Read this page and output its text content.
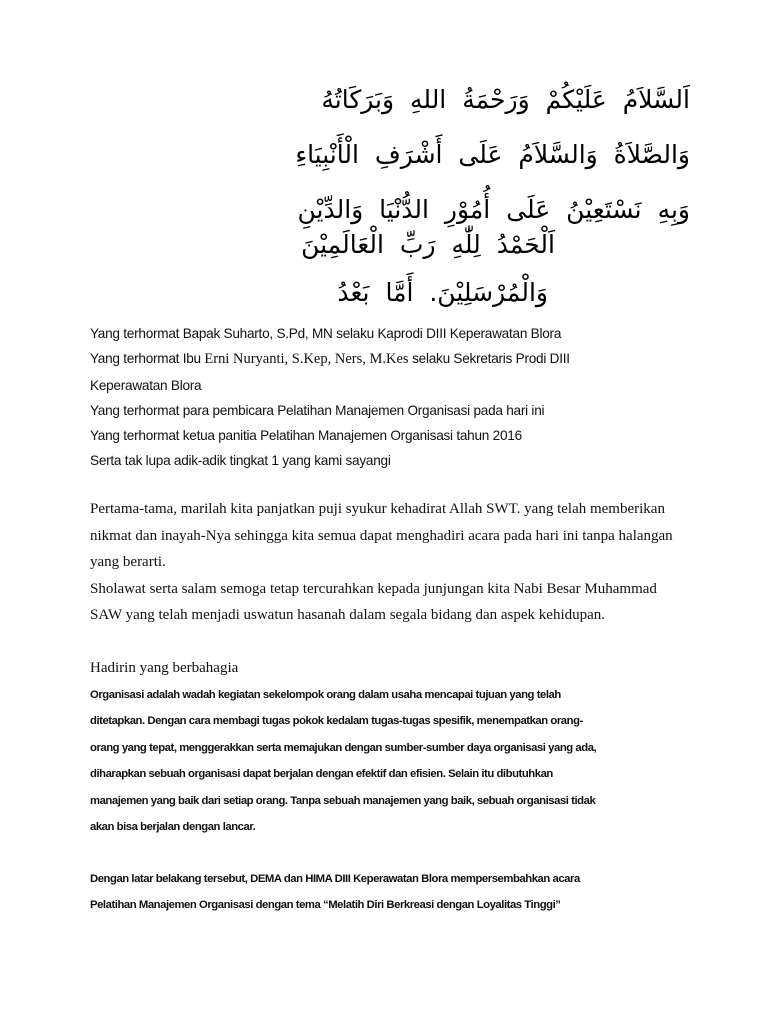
اَلسَّلاَمُ عَلَيْكُمْ وَرَحْمَةُ اللهِ وَبَرَكَاتُهُ
وَالصَّلاَةُ وَالسَّلاَمُ عَلَى أَشْرَفِ الْأَنْبِيَاءِ
وَبِهِ نَسْتَعِيْنُ عَلَى أُمُوْرِ الدُّنْيَا وَالدِّيْنِ
اَلْحَمْدُ لِلّٰهِ رَبِّ الْعَالَمِيْنَ
وَالْمُرْسَلِيْنَ. أَمَّا بَعْدُ
Yang terhormat Bapak Suharto, S.Pd, MN selaku Kaprodi DIII Keperawatan Blora
Yang terhormat Ibu Erni Nuryanti, S.Kep, Ners, M.Kes selaku Sekretaris Prodi DIII
Keperawatan Blora
Yang terhormat para pembicara Pelatihan Manajemen Organisasi pada hari ini
Yang terhormat ketua panitia Pelatihan Manajemen Organisasi tahun 2016
Serta tak lupa adik-adik tingkat 1 yang kami sayangi
Pertama-tama, marilah kita panjatkan puji syukur kehadirat Allah SWT. yang telah memberikan
nikmat dan inayah-Nya sehingga kita semua dapat menghadiri acara pada hari ini tanpa halangan
yang berarti.
Sholawat serta salam semoga tetap tercurahkan kepada junjungan kita Nabi Besar Muhammad
SAW yang telah menjadi uswatun hasanah dalam segala bidang dan aspek kehidupan.
Hadirin yang berbahagia
Organisasi adalah wadah kegiatan sekelompok orang dalam usaha mencapai tujuan yang telah
ditetapkan. Dengan cara membagi tugas pokok kedalam tugas-tugas spesifik, menempatkan orang-
orang yang tepat, menggerakkan serta memajukan dengan sumber-sumber daya organisasi yang ada,
diharapkan sebuah organisasi dapat berjalan dengan efektif dan efisien. Selain itu dibutuhkan
manajemen yang baik dari setiap orang. Tanpa sebuah manajemen yang baik, sebuah organisasi tidak
akan bisa berjalan dengan lancar.
Dengan latar belakang tersebut, DEMA dan HIMA DIII Keperawatan Blora mempersembahkan acara
Pelatihan Manajemen Organisasi dengan tema “Melatih Diri Berkreasi dengan Loyalitas Tinggi”
